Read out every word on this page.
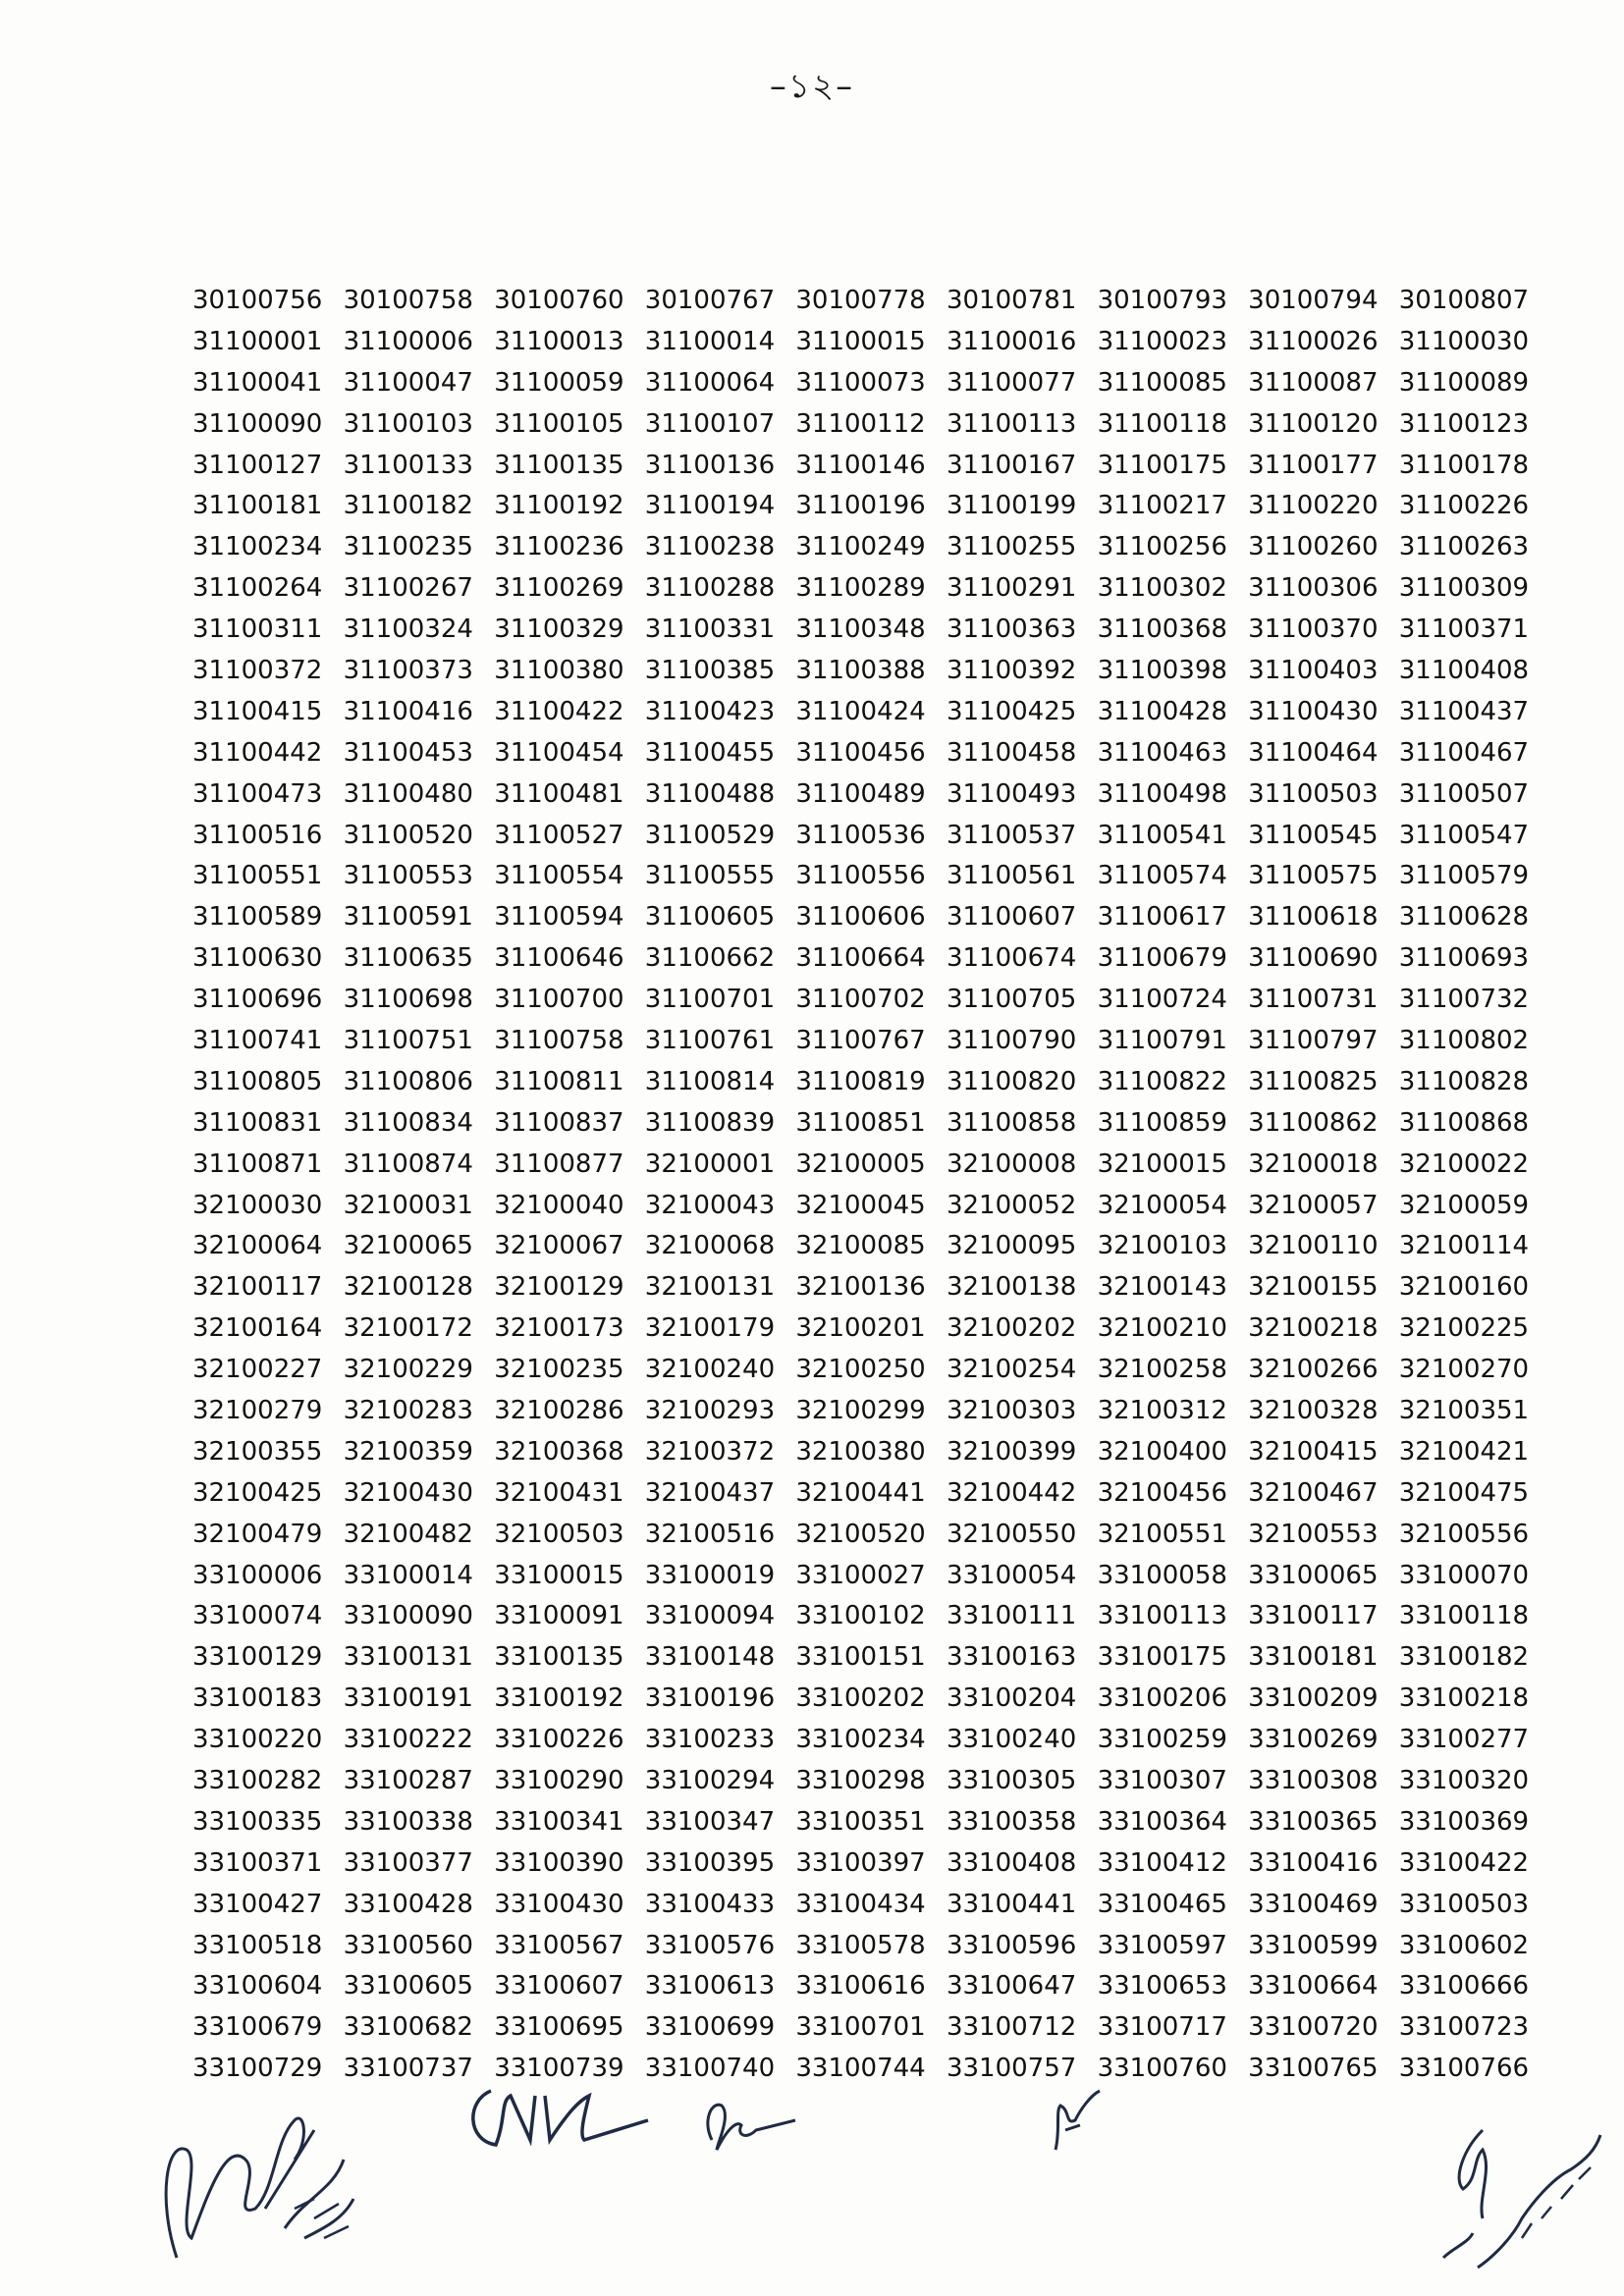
–১২–
30100756 30100758 30100760 30100767 30100778 30100781 30100793 30100794 30100807
31100001 31100006 31100013 31100014 31100015 31100016 31100023 31100026 31100030
31100041 31100047 31100059 31100064 31100073 31100077 31100085 31100087 31100089
31100090 31100103 31100105 31100107 31100112 31100113 31100118 31100120 31100123
31100127 31100133 31100135 31100136 31100146 31100167 31100175 31100177 31100178
31100181 31100182 31100192 31100194 31100196 31100199 31100217 31100220 31100226
31100234 31100235 31100236 31100238 31100249 31100255 31100256 31100260 31100263
31100264 31100267 31100269 31100288 31100289 31100291 31100302 31100306 31100309
31100311 31100324 31100329 31100331 31100348 31100363 31100368 31100370 31100371
31100372 31100373 31100380 31100385 31100388 31100392 31100398 31100403 31100408
31100415 31100416 31100422 31100423 31100424 31100425 31100428 31100430 31100437
31100442 31100453 31100454 31100455 31100456 31100458 31100463 31100464 31100467
31100473 31100480 31100481 31100488 31100489 31100493 31100498 31100503 31100507
31100516 31100520 31100527 31100529 31100536 31100537 31100541 31100545 31100547
31100551 31100553 31100554 31100555 31100556 31100561 31100574 31100575 31100579
31100589 31100591 31100594 31100605 31100606 31100607 31100617 31100618 31100628
31100630 31100635 31100646 31100662 31100664 31100674 31100679 31100690 31100693
31100696 31100698 31100700 31100701 31100702 31100705 31100724 31100731 31100732
31100741 31100751 31100758 31100761 31100767 31100790 31100791 31100797 31100802
31100805 31100806 31100811 31100814 31100819 31100820 31100822 31100825 31100828
31100831 31100834 31100837 31100839 31100851 31100858 31100859 31100862 31100868
31100871 31100874 31100877 32100001 32100005 32100008 32100015 32100018 32100022
32100030 32100031 32100040 32100043 32100045 32100052 32100054 32100057 32100059
32100064 32100065 32100067 32100068 32100085 32100095 32100103 32100110 32100114
32100117 32100128 32100129 32100131 32100136 32100138 32100143 32100155 32100160
32100164 32100172 32100173 32100179 32100201 32100202 32100210 32100218 32100225
32100227 32100229 32100235 32100240 32100250 32100254 32100258 32100266 32100270
32100279 32100283 32100286 32100293 32100299 32100303 32100312 32100328 32100351
32100355 32100359 32100368 32100372 32100380 32100399 32100400 32100415 32100421
32100425 32100430 32100431 32100437 32100441 32100442 32100456 32100467 32100475
32100479 32100482 32100503 32100516 32100520 32100550 32100551 32100553 32100556
33100006 33100014 33100015 33100019 33100027 33100054 33100058 33100065 33100070
33100074 33100090 33100091 33100094 33100102 33100111 33100113 33100117 33100118
33100129 33100131 33100135 33100148 33100151 33100163 33100175 33100181 33100182
33100183 33100191 33100192 33100196 33100202 33100204 33100206 33100209 33100218
33100220 33100222 33100226 33100233 33100234 33100240 33100259 33100269 33100277
33100282 33100287 33100290 33100294 33100298 33100305 33100307 33100308 33100320
33100335 33100338 33100341 33100347 33100351 33100358 33100364 33100365 33100369
33100371 33100377 33100390 33100395 33100397 33100408 33100412 33100416 33100422
33100427 33100428 33100430 33100433 33100434 33100441 33100465 33100469 33100503
33100518 33100560 33100567 33100576 33100578 33100596 33100597 33100599 33100602
33100604 33100605 33100607 33100613 33100616 33100647 33100653 33100664 33100666
33100679 33100682 33100695 33100699 33100701 33100712 33100717 33100720 33100723
33100729 33100737 33100739 33100740 33100744 33100757 33100760 33100765 33100766
